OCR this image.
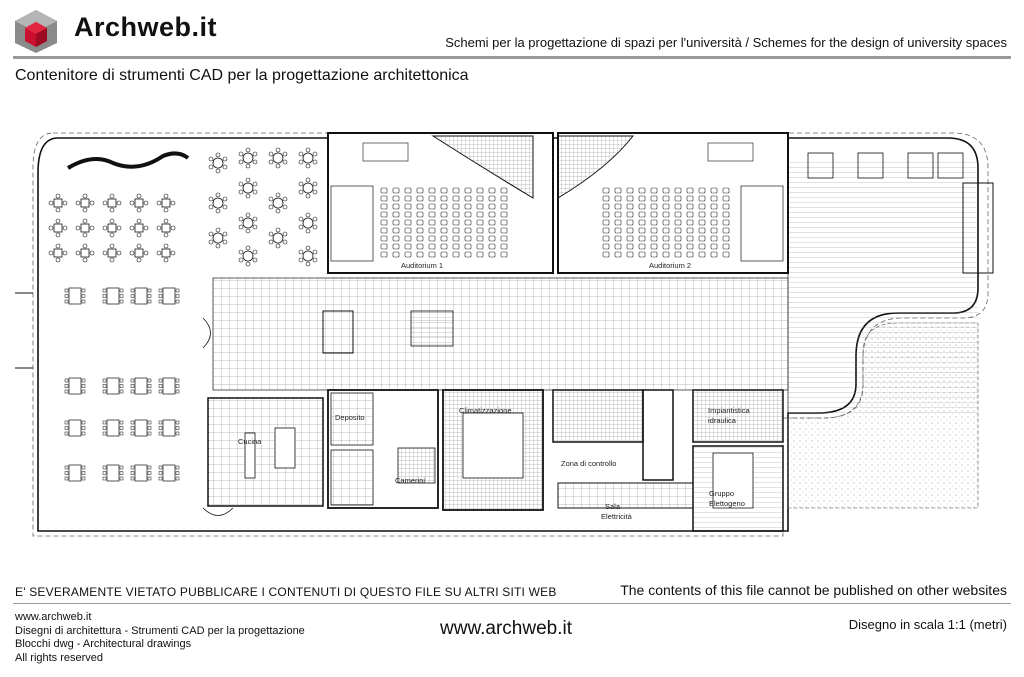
Archweb.it
Schemi per la progettazione di spazi per l'università / Schemes for the design of university spaces
Contenitore di strumenti CAD per la progettazione architettonica
Auditorium 1	Auditorium 2
Cucina
Deposito
Camerini
Climatizzazione
Zona di controllo
Sala
Elettricità
Impiantistica
idraulica
Gruppo
Elettogeno
E' SEVERAMENTE VIETATO PUBBLICARE I CONTENUTI DI QUESTO FILE SU ALTRI SITI WEB	The contents of this file cannot be published on other websites
www.archweb.it
Disegni di architettura - Strumenti CAD per la progettazione
Blocchi dwg - Architectural drawings
All rights reserved
www.archweb.it	Disegno in scala 1:1 (metri)
